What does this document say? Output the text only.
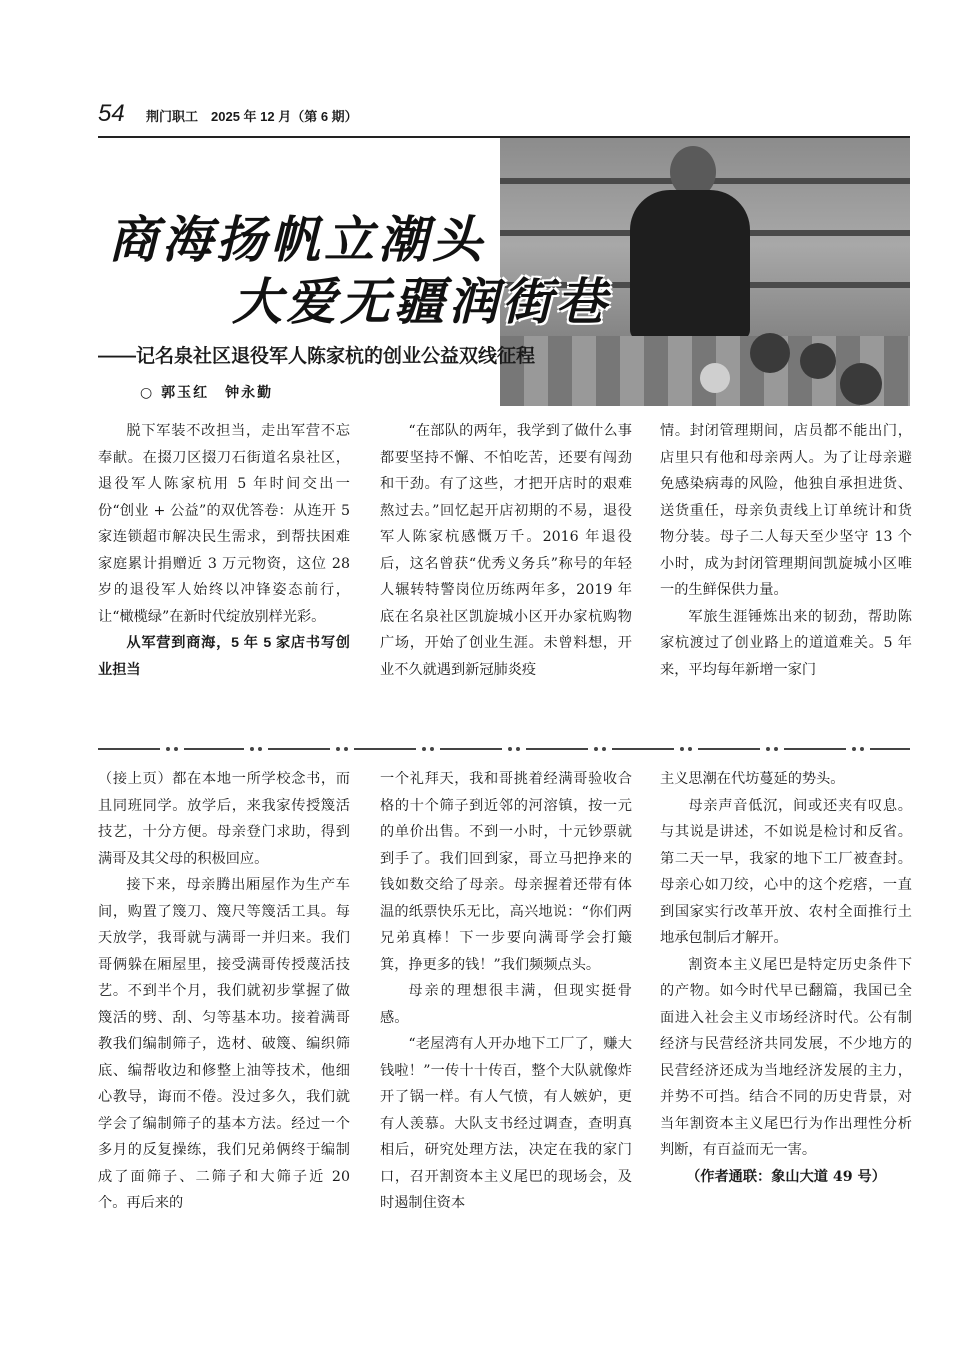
54 荆门职工　2025 年 12 月（第 6 期）
商海扬帆立潮头
大爱无疆润街巷
——记名泉社区退役军人陈家杭的创业公益双线征程
○ 郭玉红　钟永勤

脱下军装不改担当，走出军营不忘奉献。在掇刀区掇刀石街道名泉社区，退役军人陈家杭用 5 年时间交出一份“创业 + 公益”的双优答卷：从连开 5 家连锁超市解决民生需求，到帮扶困难家庭累计捐赠近 3 万元物资，这位 28 岁的退役军人始终以冲锋姿态前行，让“橄榄绿”在新时代绽放别样光彩。

从军营到商海，5 年 5 家店书写创业担当

“在部队的两年，我学到了做什么事都要坚持不懈、不怕吃苦，还要有闯劲和干劲。有了这些，才把开店时的艰难熬过去。”回忆起开店初期的不易，退役军人陈家杭感慨万千。2016 年退役后，这名曾获“优秀义务兵”称号的年轻人辗转特警岗位历练两年多，2019 年底在名泉社区凯旋城小区开办家杭购物广场，开始了创业生涯。未曾料想，开业不久就遇到新冠肺炎疫

情。封闭管理期间，店员都不能出门，店里只有他和母亲两人。为了让母亲避免感染病毒的风险，他独自承担进货、送货重任，母亲负责线上订单统计和货物分装。母子二人每天至少坚守 13 个小时，成为封闭管理期间凯旋城小区唯一的生鲜保供力量。

军旅生涯锤炼出来的韧劲，帮助陈家杭渡过了创业路上的道道难关。5 年来，平均每年新增一家门

（接上页）都在本地一所学校念书，而且同班同学。放学后，来我家传授篾活技艺，十分方便。母亲登门求助，得到满哥及其父母的积极回应。

接下来，母亲腾出厢屋作为生产车间，购置了篾刀、篾尺等篾活工具。每天放学，我哥就与满哥一并归来。我们哥俩躲在厢屋里，接受满哥传授蔑活技艺。不到半个月，我们就初步掌握了做篾活的劈、刮、匀等基本功。接着满哥教我们编制筛子，选材、破篾、编织筛底、编帮收边和修整上油等技术，他细心教导，诲而不倦。没过多久，我们就学会了编制筛子的基本方法。经过一个多月的反复操练，我们兄弟俩终于编制成了面筛子、二筛子和大筛子近 20 个。再后来的

一个礼拜天，我和哥挑着经满哥验收合格的十个筛子到近邻的河溶镇，按一元的单价出售。不到一小时，十元钞票就到手了。我们回到家，哥立马把挣来的钱如数交给了母亲。母亲握着还带有体温的纸票快乐无比，高兴地说：“你们两兄弟真棒！下一步要向满哥学会打簸箕，挣更多的钱！”我们频频点头。

母亲的理想很丰满，但现实挺骨感。

“老屋湾有人开办地下工厂了，赚大钱啦！”一传十十传百，整个大队就像炸开了锅一样。有人气愤，有人嫉妒，更有人羡慕。大队支书经过调查，查明真相后，研究处理方法，决定在我的家门口，召开割资本主义尾巴的现场会，及时遏制住资本

主义思潮在代坊蔓延的势头。

母亲声音低沉，间或还夹有叹息。与其说是讲述，不如说是检讨和反省。第二天一早，我家的地下工厂被查封。母亲心如刀绞，心中的这个疙瘩，一直到国家实行改革开放、农村全面推行土地承包制后才解开。

割资本主义尾巴是特定历史条件下的产物。如今时代早已翻篇，我国已全面进入社会主义市场经济时代。公有制经济与民营经济共同发展，不少地方的民营经济还成为当地经济发展的主力，并势不可挡。结合不同的历史背景，对当年割资本主义尾巴行为作出理性分析判断，有百益而无一害。

（作者通联：象山大道 49 号）
